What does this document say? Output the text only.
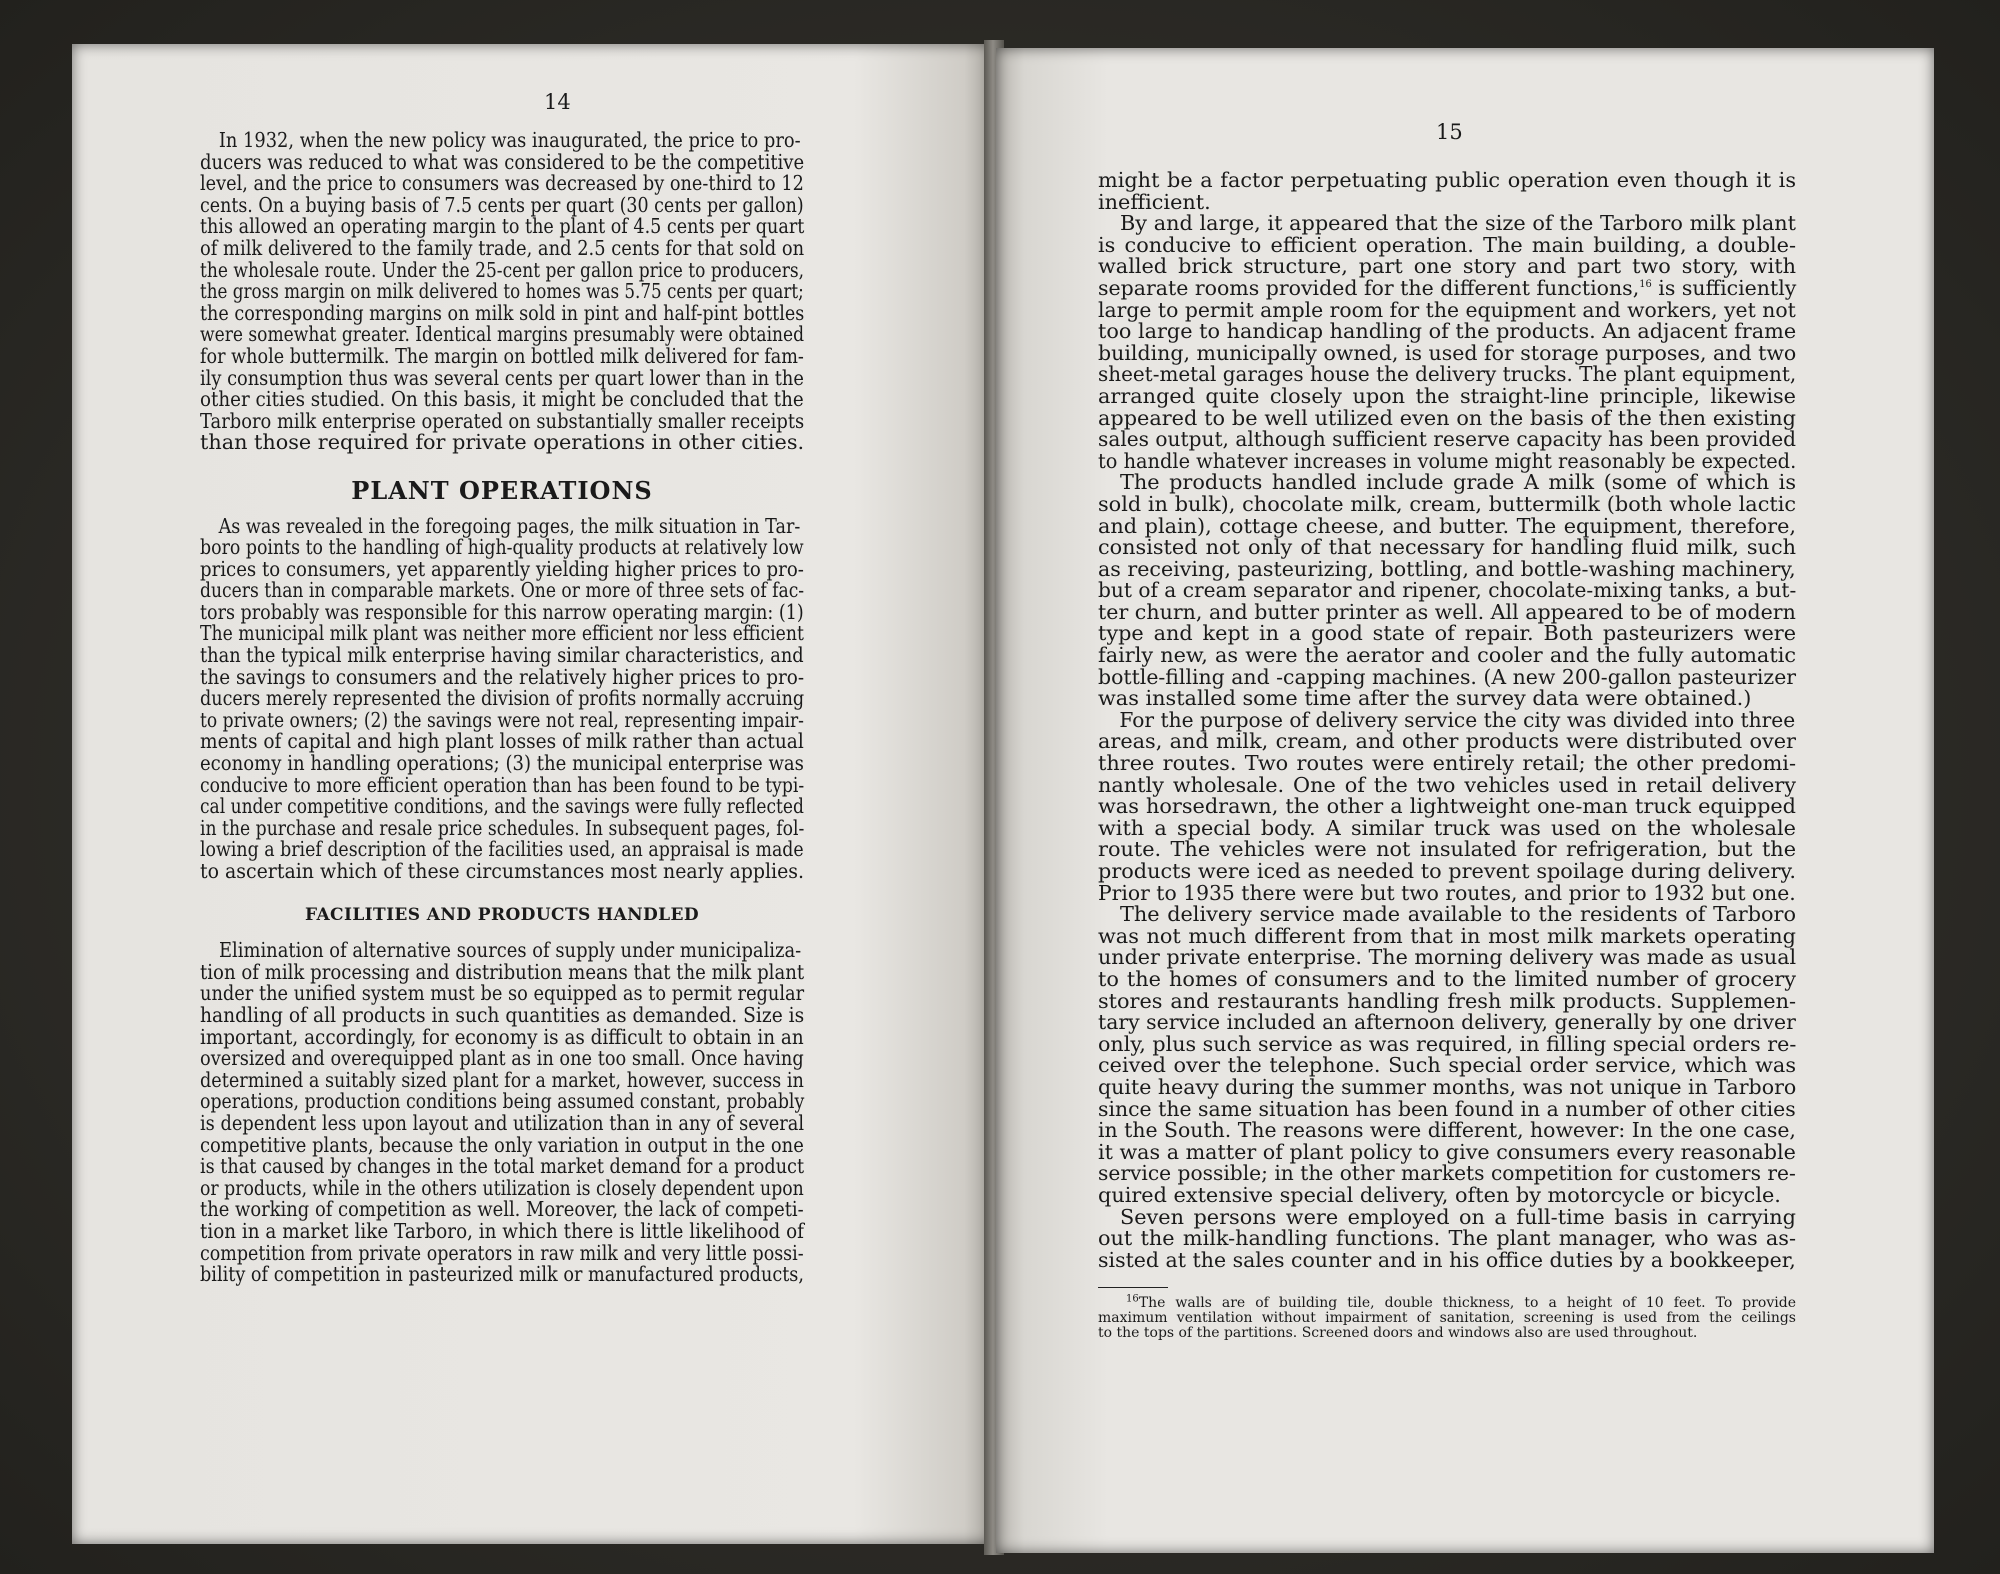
14
In 1932, when the new policy was inaugurated, the price to pro-
ducers was reduced to what was considered to be the competitive
level, and the price to consumers was decreased by one-third to 12
cents. On a buying basis of 7.5 cents per quart (30 cents per gallon)
this allowed an operating margin to the plant of 4.5 cents per quart
of milk delivered to the family trade, and 2.5 cents for that sold on
the wholesale route. Under the 25-cent per gallon price to producers,
the gross margin on milk delivered to homes was 5.75 cents per quart;
the corresponding margins on milk sold in pint and half-pint bottles
were somewhat greater. Identical margins presumably were obtained
for whole buttermilk. The margin on bottled milk delivered for fam-
ily consumption thus was several cents per quart lower than in the
other cities studied. On this basis, it might be concluded that the
Tarboro milk enterprise operated on substantially smaller receipts
than those required for private operations in other cities.
PLANT OPERATIONS
As was revealed in the foregoing pages, the milk situation in Tar-
boro points to the handling of high-quality products at relatively low
prices to consumers, yet apparently yielding higher prices to pro-
ducers than in comparable markets. One or more of three sets of fac-
tors probably was responsible for this narrow operating margin: (1)
The municipal milk plant was neither more efficient nor less efficient
than the typical milk enterprise having similar characteristics, and
the savings to consumers and the relatively higher prices to pro-
ducers merely represented the division of profits normally accruing
to private owners; (2) the savings were not real, representing impair-
ments of capital and high plant losses of milk rather than actual
economy in handling operations; (3) the municipal enterprise was
conducive to more efficient operation than has been found to be typi-
cal under competitive conditions, and the savings were fully reflected
in the purchase and resale price schedules. In subsequent pages, fol-
lowing a brief description of the facilities used, an appraisal is made
to ascertain which of these circumstances most nearly applies.
FACILITIES AND PRODUCTS HANDLED
Elimination of alternative sources of supply under municipaliza-
tion of milk processing and distribution means that the milk plant
under the unified system must be so equipped as to permit regular
handling of all products in such quantities as demanded. Size is
important, accordingly, for economy is as difficult to obtain in an
oversized and overequipped plant as in one too small. Once having
determined a suitably sized plant for a market, however, success in
operations, production conditions being assumed constant, probably
is dependent less upon layout and utilization than in any of several
competitive plants, because the only variation in output in the one
is that caused by changes in the total market demand for a product
or products, while in the others utilization is closely dependent upon
the working of competition as well. Moreover, the lack of competi-
tion in a market like Tarboro, in which there is little likelihood of
competition from private operators in raw milk and very little possi-
bility of competition in pasteurized milk or manufactured products,
15
might be a factor perpetuating public operation even though it is
inefficient.
By and large, it appeared that the size of the Tarboro milk plant
is conducive to efficient operation. The main building, a double-
walled brick structure, part one story and part two story, with
separate rooms provided for the different functions,$^{16}$ is sufficiently
large to permit ample room for the equipment and workers, yet not
too large to handicap handling of the products. An adjacent frame
building, municipally owned, is used for storage purposes, and two
sheet-metal garages house the delivery trucks. The plant equipment,
arranged quite closely upon the straight-line principle, likewise
appeared to be well utilized even on the basis of the then existing
sales output, although sufficient reserve capacity has been provided
to handle whatever increases in volume might reasonably be expected.
The products handled include grade A milk (some of which is
sold in bulk), chocolate milk, cream, buttermilk (both whole lactic
and plain), cottage cheese, and butter. The equipment, therefore,
consisted not only of that necessary for handling fluid milk, such
as receiving, pasteurizing, bottling, and bottle-washing machinery,
but of a cream separator and ripener, chocolate-mixing tanks, a but-
ter churn, and butter printer as well. All appeared to be of modern
type and kept in a good state of repair. Both pasteurizers were
fairly new, as were the aerator and cooler and the fully automatic
bottle-filling and -capping machines. (A new 200-gallon pasteurizer
was installed some time after the survey data were obtained.)
For the purpose of delivery service the city was divided into three
areas, and milk, cream, and other products were distributed over
three routes. Two routes were entirely retail; the other predomi-
nantly wholesale. One of the two vehicles used in retail delivery
was horsedrawn, the other a lightweight one-man truck equipped
with a special body. A similar truck was used on the wholesale
route. The vehicles were not insulated for refrigeration, but the
products were iced as needed to prevent spoilage during delivery.
Prior to 1935 there were but two routes, and prior to 1932 but one.
The delivery service made available to the residents of Tarboro
was not much different from that in most milk markets operating
under private enterprise. The morning delivery was made as usual
to the homes of consumers and to the limited number of grocery
stores and restaurants handling fresh milk products. Supplemen-
tary service included an afternoon delivery, generally by one driver
only, plus such service as was required, in filling special orders re-
ceived over the telephone. Such special order service, which was
quite heavy during the summer months, was not unique in Tarboro
since the same situation has been found in a number of other cities
in the South. The reasons were different, however: In the one case,
it was a matter of plant policy to give consumers every reasonable
service possible; in the other markets competition for customers re-
quired extensive special delivery, often by motorcycle or bicycle.
Seven persons were employed on a full-time basis in carrying
out the milk-handling functions. The plant manager, who was as-
sisted at the sales counter and in his office duties by a bookkeeper,
$^{16}$The walls are of building tile, double thickness, to a height of 10 feet. To provide
maximum ventilation without impairment of sanitation, screening is used from the ceilings
to the tops of the partitions. Screened doors and windows also are used throughout.
